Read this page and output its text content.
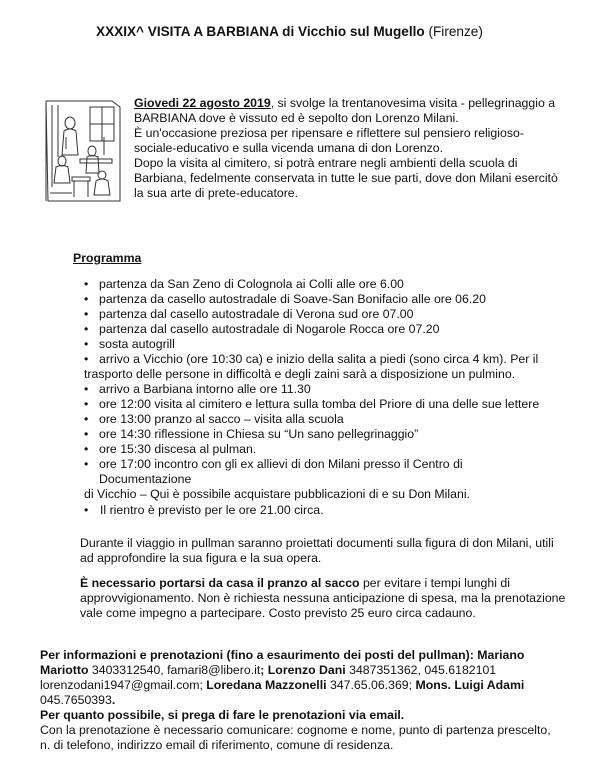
XXXIX^ VISITA A BARBIANA di Vicchio sul Mugello (Firenze)
Giovedi 22 agosto 2019, si svolge la trentanovesima visita - pellegrinaggio a
BARBIANA dove è vissuto ed è sepolto don Lorenzo Milani.
È un'occasione preziosa per ripensare e riflettere sul pensiero religioso-
sociale-educativo e sulla vicenda umana di don Lorenzo.
Dopo la visita al cimitero, si potrà entrare negli ambienti della scuola di
Barbiana, fedelmente conservata in tutte le sue parti, dove don Milani esercitò
la sua arte di prete-educatore.
Programma
• partenza da San Zeno di Colognola ai Colli alle ore 6.00
• partenza da casello autostradale di Soave-San Bonifacio alle ore 06.20
• partenza dal casello autostradale di Verona sud ore 07.00
• partenza dal casello autostradale di Nogarole Rocca ore 07.20
• sosta autogrill
• arrivo a Vicchio (ore 10:30 ca) e inizio della salita a piedi (sono circa 4 km). Per il
trasporto delle persone in difficoltà e degli zaini sarà a disposizione un pulmino.
• arrivo a Barbiana intorno alle ore 11.30
• ore 12:00 visita al cimitero e lettura sulla tomba del Priore di una delle sue lettere
• ore 13:00 pranzo al sacco – visita alla scuola
• ore 14:30 riflessione in Chiesa su “Un sano pellegrinaggio”
• ore 15:30 discesa al pulman.
• ore 17:00 incontro con gli ex allievi di don Milani presso il Centro di Documentazione
di Vicchio – Qui è possibile acquistare pubblicazioni di e su Don Milani.
• Il rientro è previsto per le ore 21.00 circa.
Durante il viaggio in pullman saranno proiettati documenti sulla figura di don Milani, utili
ad approfondire la sua figura e la sua opera.
È necessario portarsi da casa il pranzo al sacco per evitare i tempi lunghi di
approvvigionamento. Non è richiesta nessuna anticipazione di spesa, ma la prenotazione
vale come impegno a partecipare. Costo previsto 25 euro circa cadauno.
Per informazioni e prenotazioni (fino a esaurimento dei posti del pullman): Mariano
Mariotto 3403312540, famari8@libero.it; Lorenzo Dani 3487351362, 045.6182101
lorenzodani1947@gmail.com; Loredana Mazzonelli 347.65.06.369; Mons. Luigi Adami
045.7650393.
Per quanto possibile, si prega di fare le prenotazioni via email.
Con la prenotazione è necessario comunicare: cognome e nome, punto di partenza prescelto,
n. di telefono, indirizzo email di riferimento, comune di residenza.
